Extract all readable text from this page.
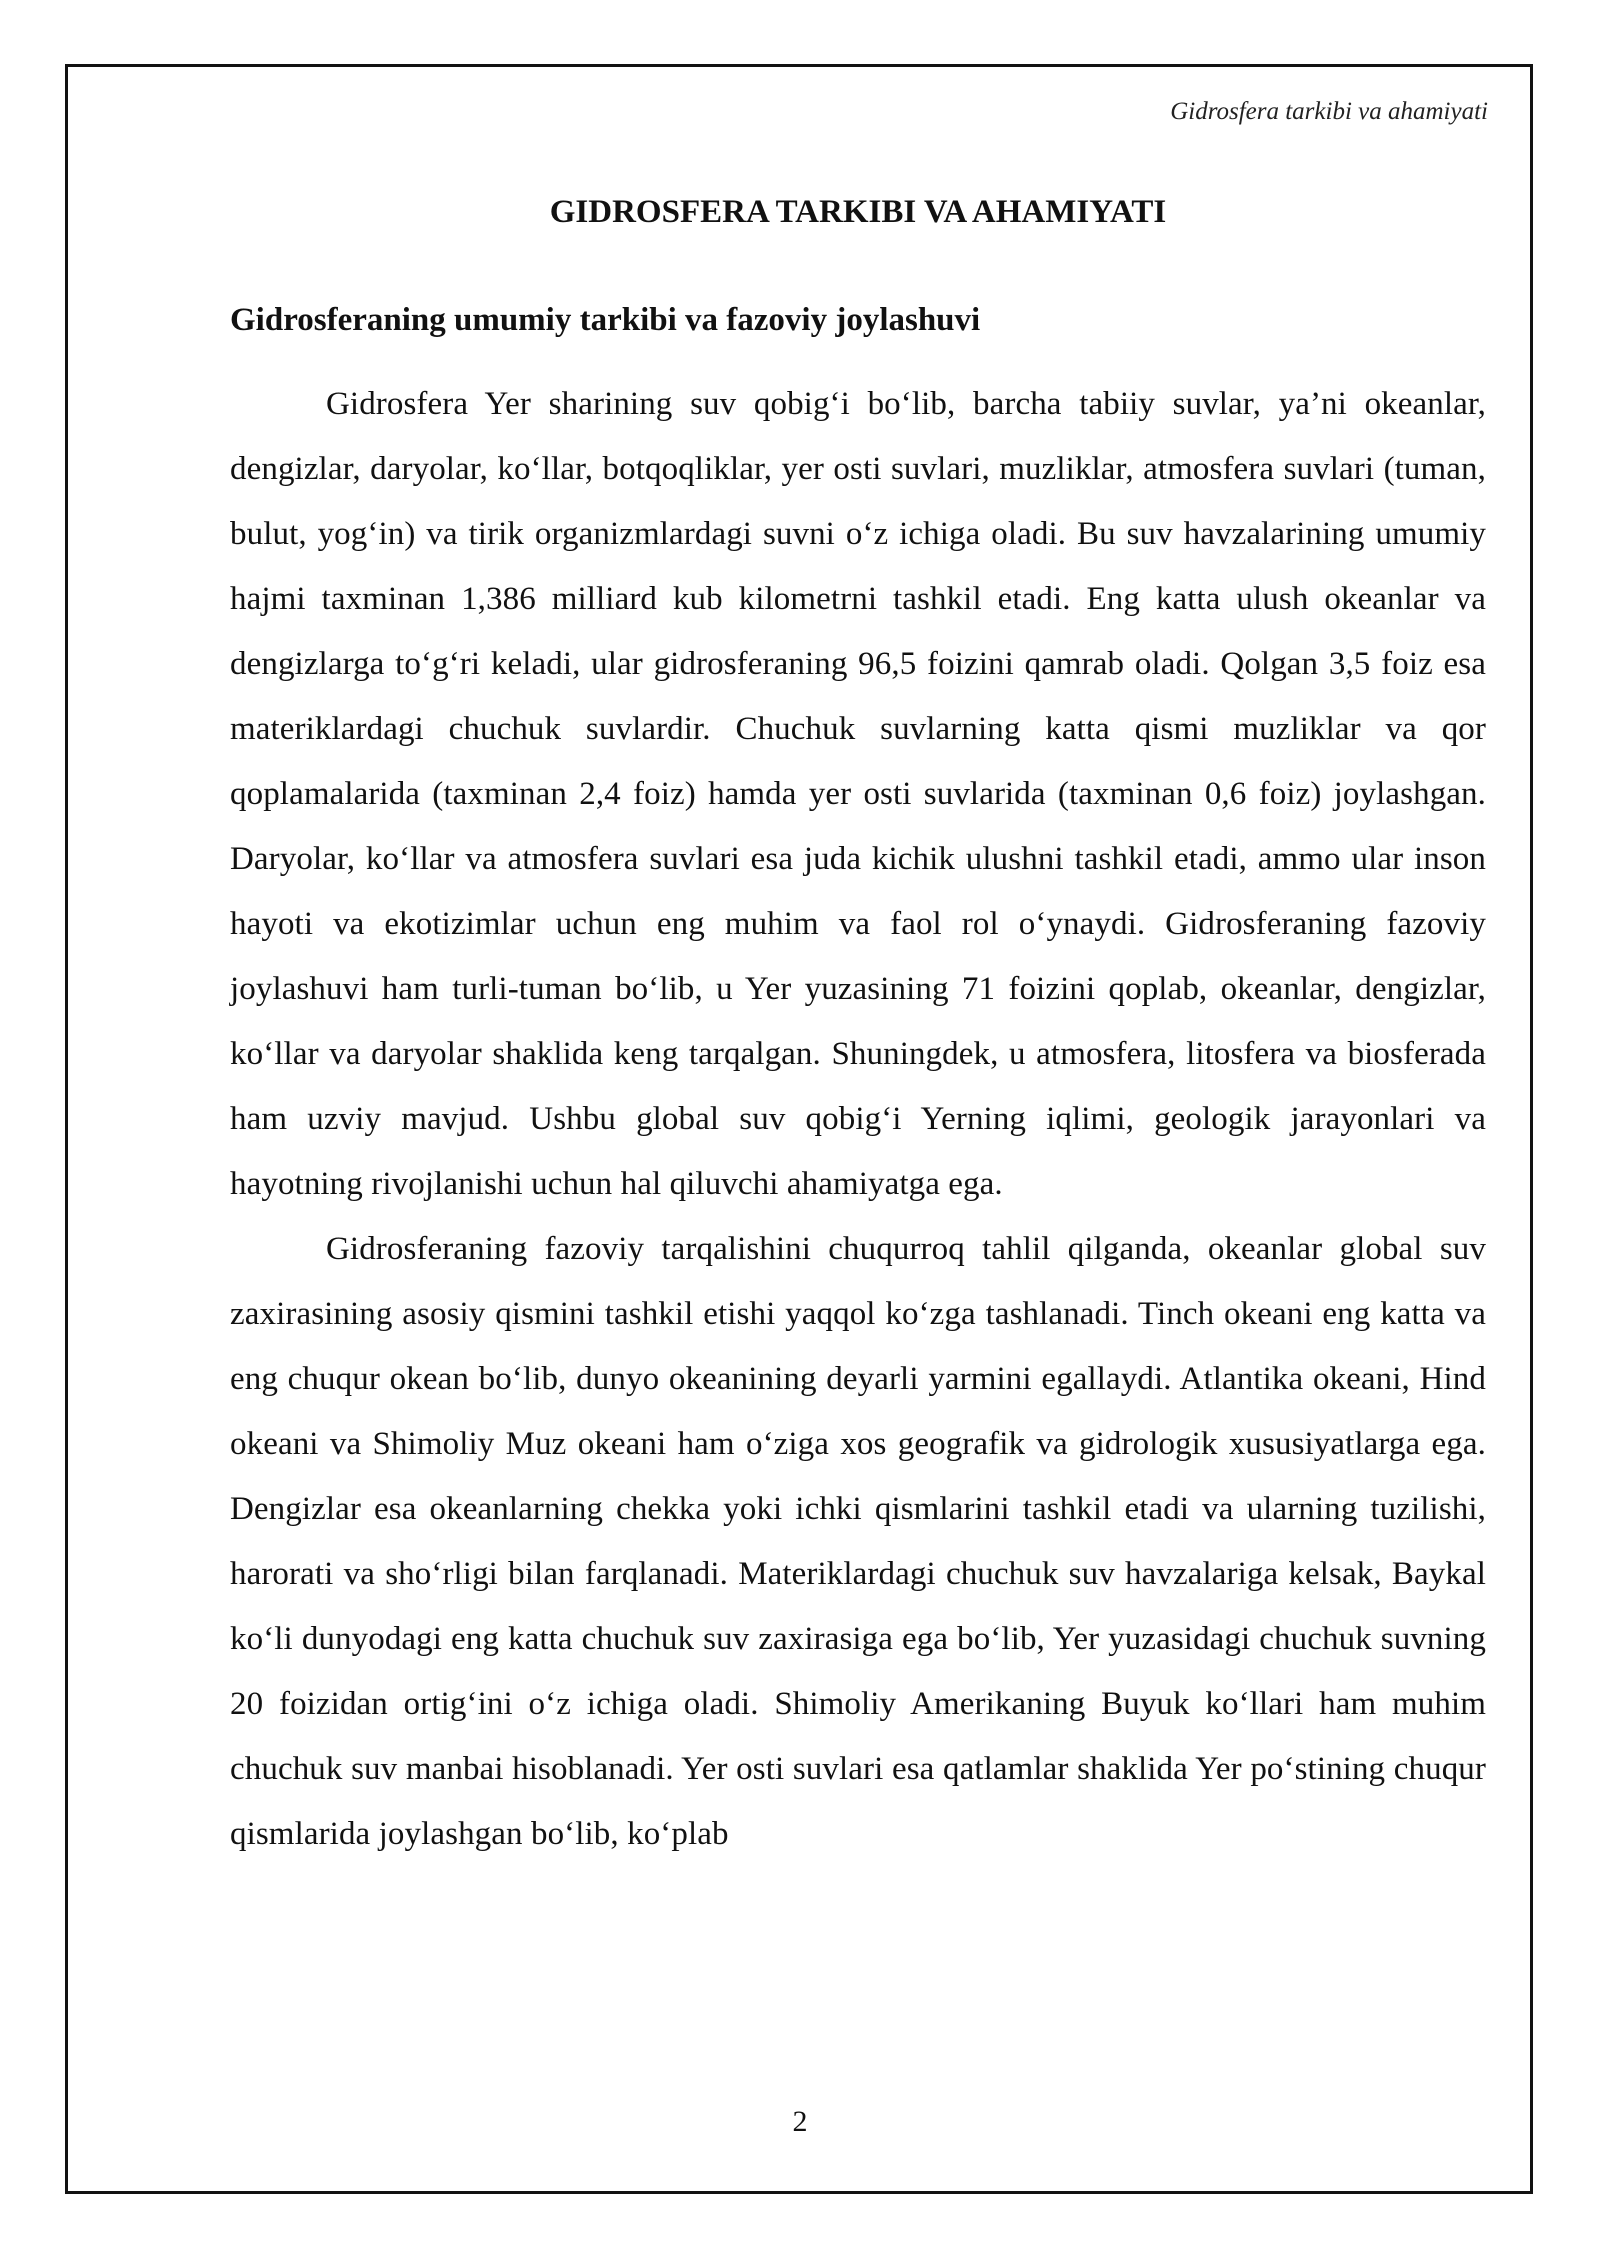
Gidrosfera tarkibi va ahamiyati
GIDROSFERA TARKIBI VA AHAMIYATI
Gidrosferaning umumiy tarkibi va fazoviy joylashuvi

Gidrosfera Yer sharining suv qobig‘i bo‘lib, barcha tabiiy suvlar, ya’ni okeanlar, dengizlar, daryolar, ko‘llar, botqoqliklar, yer osti suvlari, muzliklar, atmosfera suvlari (tuman, bulut, yog‘in) va tirik organizmlardagi suvni o‘z ichiga oladi. Bu suv havzalarining umumiy hajmi taxminan 1,386 milliard kub kilometrni tashkil etadi. Eng katta ulush okeanlar va dengizlarga to‘g‘ri keladi, ular gidrosferaning 96,5 foizini qamrab oladi. Qolgan 3,5 foiz esa materiklardagi chuchuk suvlardir. Chuchuk suvlarning katta qismi muzliklar va qor qoplamalarida (taxminan 2,4 foiz) hamda yer osti suvlarida (taxminan 0,6 foiz) joylashgan. Daryolar, ko‘llar va atmosfera suvlari esa juda kichik ulushni tashkil etadi, ammo ular inson hayoti va ekotizimlar uchun eng muhim va faol rol o‘ynaydi. Gidrosferaning fazoviy joylashuvi ham turli-tuman bo‘lib, u Yer yuzasining 71 foizini qoplab, okeanlar, dengizlar, ko‘llar va daryolar shaklida keng tarqalgan. Shuningdek, u atmosfera, litosfera va biosferada ham uzviy mavjud. Ushbu global suv qobig‘i Yerning iqlimi, geologik jarayonlari va hayotning rivojlanishi uchun hal qiluvchi ahamiyatga ega.

Gidrosferaning fazoviy tarqalishini chuqurroq tahlil qilganda, okeanlar global suv zaxirasining asosiy qismini tashkil etishi yaqqol ko‘zga tashlanadi. Tinch okeani eng katta va eng chuqur okean bo‘lib, dunyo okeanining deyarli yarmini egallaydi. Atlantika okeani, Hind okeani va Shimoliy Muz okeani ham o‘ziga xos geografik va gidrologik xususiyatlarga ega. Dengizlar esa okeanlarning chekka yoki ichki qismlarini tashkil etadi va ularning tuzilishi, harorati va sho‘rligi bilan farqlanadi. Materiklardagi chuchuk suv havzalariga kelsak, Baykal ko‘li dunyodagi eng katta chuchuk suv zaxirasiga ega bo‘lib, Yer yuzasidagi chuchuk suvning 20 foizidan ortig‘ini o‘z ichiga oladi. Shimoliy Amerikaning Buyuk ko‘llari ham muhim chuchuk suv manbai hisoblanadi. Yer osti suvlari esa qatlamlar shaklida Yer po‘stining chuqur qismlarida joylashgan bo‘lib, ko‘plab

2
